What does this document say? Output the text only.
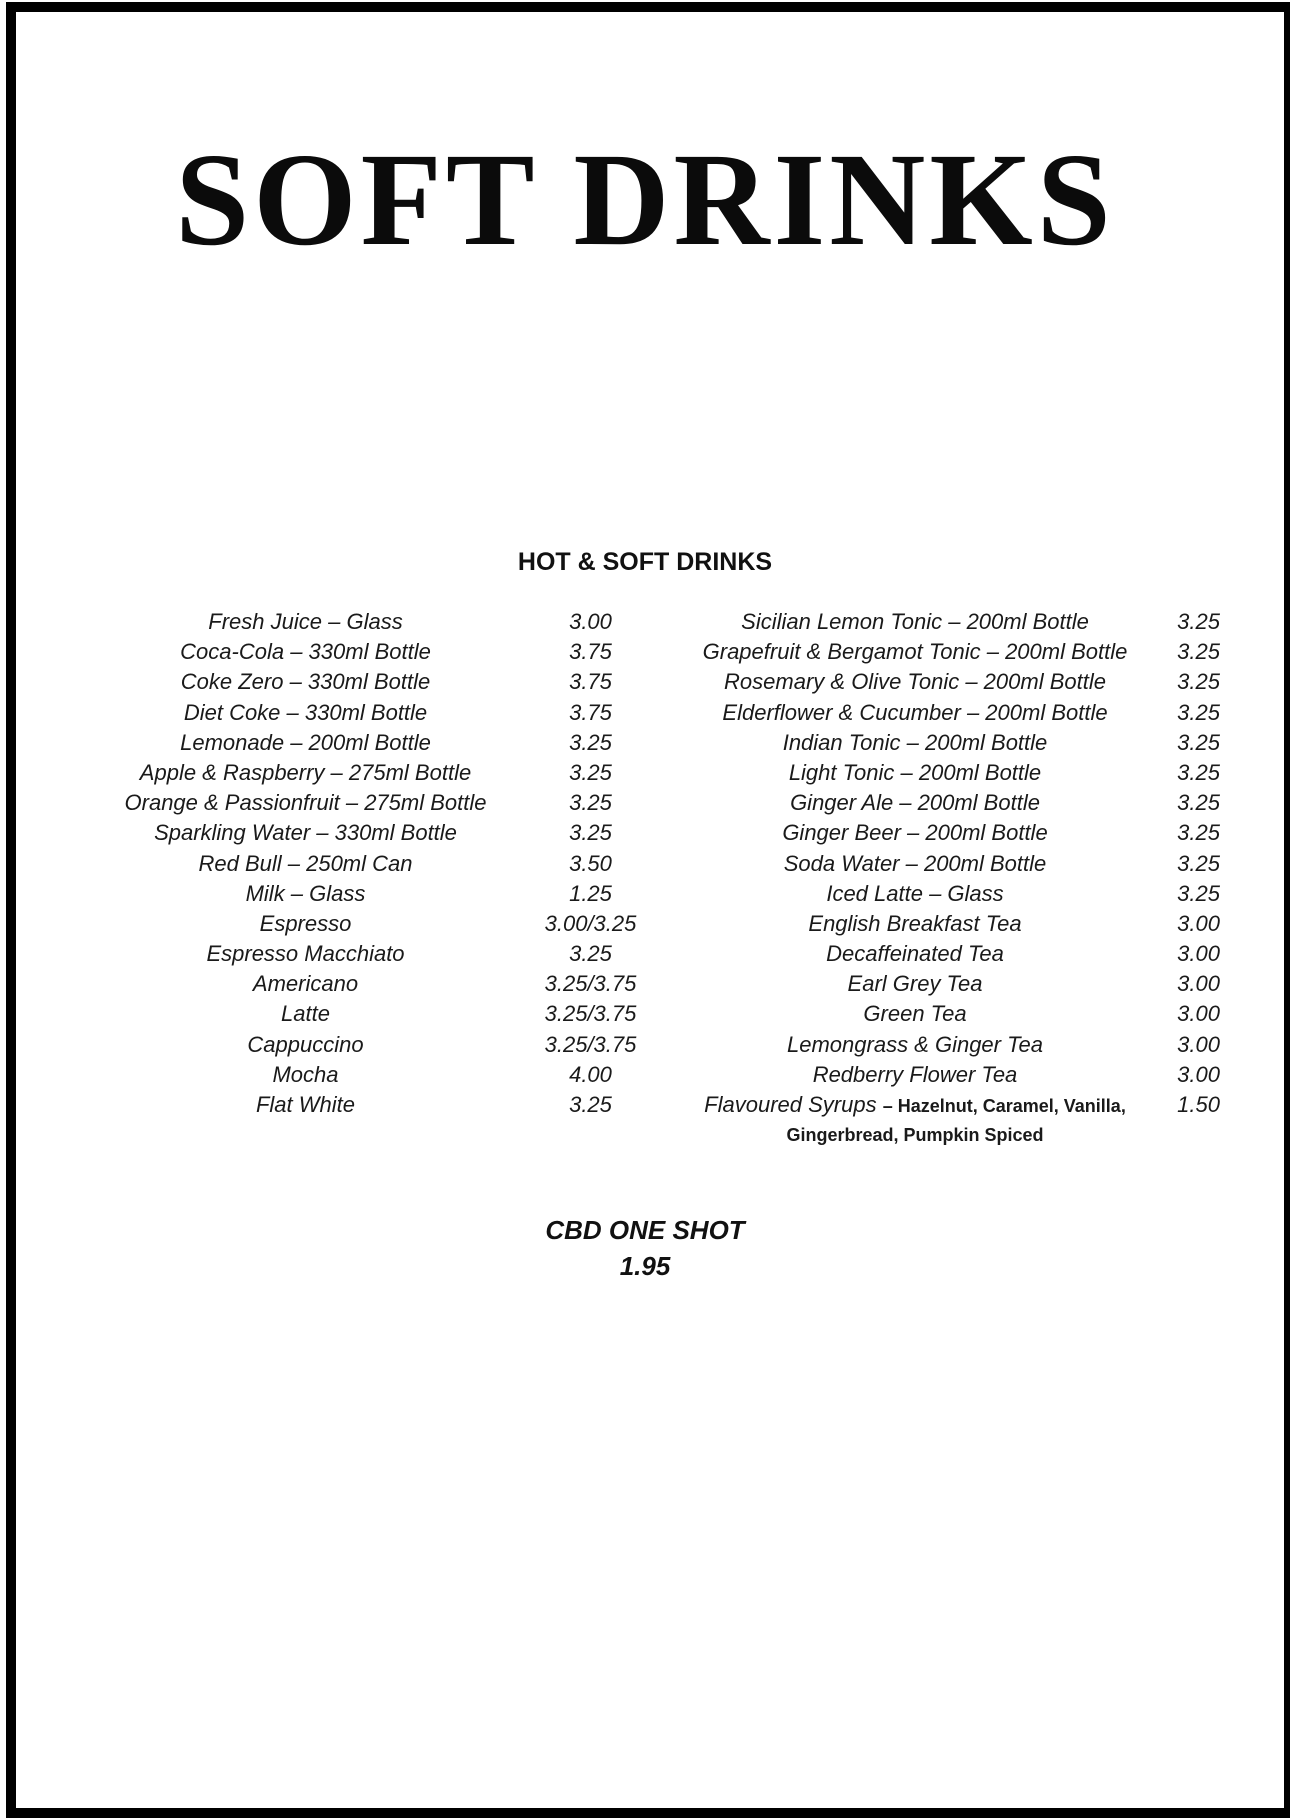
SOFT DRINKS
HOT & SOFT DRINKS
Fresh Juice – Glass	3.00
Coca-Cola – 330ml Bottle	3.75
Coke Zero – 330ml Bottle	3.75
Diet Coke – 330ml Bottle	3.75
Lemonade – 200ml Bottle	3.25
Apple & Raspberry – 275ml Bottle	3.25
Orange & Passionfruit – 275ml Bottle	3.25
Sparkling Water – 330ml Bottle	3.25
Red Bull – 250ml Can	3.50
Milk – Glass	1.25
Espresso	3.00/3.25
Espresso Macchiato	3.25
Americano	3.25/3.75
Latte	3.25/3.75
Cappuccino	3.25/3.75
Mocha	4.00
Flat White	3.25
Sicilian Lemon Tonic – 200ml Bottle	3.25
Grapefruit & Bergamot Tonic – 200ml Bottle	3.25
Rosemary & Olive Tonic – 200ml Bottle	3.25
Elderflower & Cucumber – 200ml Bottle	3.25
Indian Tonic – 200ml Bottle	3.25
Light Tonic – 200ml Bottle	3.25
Ginger Ale – 200ml Bottle	3.25
Ginger Beer – 200ml Bottle	3.25
Soda Water – 200ml Bottle	3.25
Iced Latte – Glass	3.25
English Breakfast Tea	3.00
Decaffeinated Tea	3.00
Earl Grey Tea	3.00
Green Tea	3.00
Lemongrass & Ginger Tea	3.00
Redberry Flower Tea	3.00
Flavoured Syrups – Hazelnut, Caramel, Vanilla, Gingerbread, Pumpkin Spiced
1.50
CBD ONE SHOT
1.95
